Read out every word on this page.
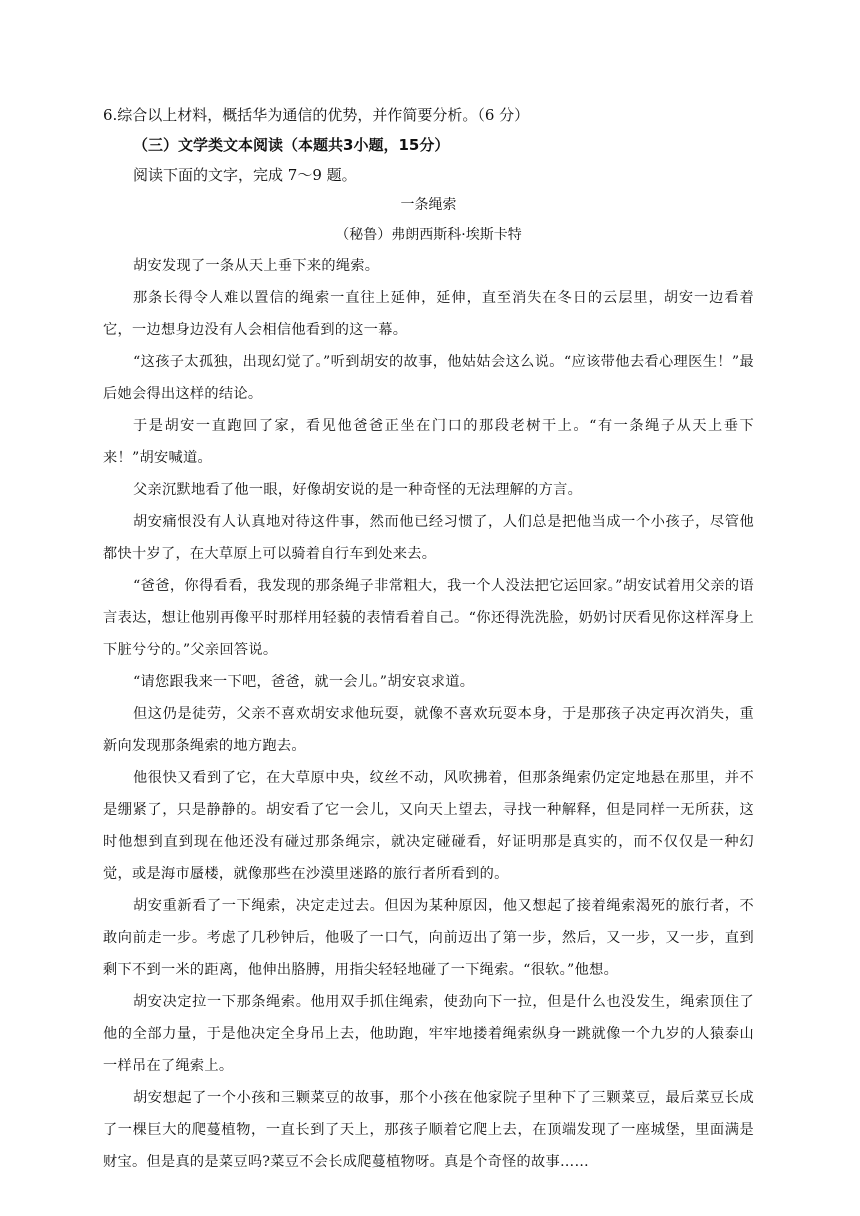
6.综合以上材料，概括华为通信的优势，并作简要分析。（6 分）

（三）文学类文本阅读（本题共3小题，15分）

阅读下面的文字，完成 7～9 题。

一条绳索

（秘鲁）弗朗西斯科·埃斯卡特

胡安发现了一条从天上垂下来的绳索。

那条长得令人难以置信的绳索一直往上延伸，延伸，直至消失在冬日的云层里，胡安一边看着它，一边想身边没有人会相信他看到的这一幕。

“这孩子太孤独，出现幻觉了。”听到胡安的故事，他姑姑会这么说。“应该带他去看心理医生！”最后她会得出这样的结论。

于是胡安一直跑回了家，看见他爸爸正坐在门口的那段老树干上。“有一条绳子从天上垂下来！”胡安喊道。

父亲沉默地看了他一眼，好像胡安说的是一种奇怪的无法理解的方言。

胡安痛恨没有人认真地对待这件事，然而他已经习惯了，人们总是把他当成一个小孩子，尽管他都快十岁了，在大草原上可以骑着自行车到处来去。

“爸爸，你得看看，我发现的那条绳子非常粗大，我一个人没法把它运回家。”胡安试着用父亲的语言表达，想让他别再像平时那样用轻藐的表情看着自己。“你还得洗洗脸，奶奶讨厌看见你这样浑身上下脏兮兮的。”父亲回答说。

“请您跟我来一下吧，爸爸，就一会儿。”胡安哀求道。

但这仍是徒劳，父亲不喜欢胡安求他玩耍，就像不喜欢玩耍本身，于是那孩子决定再次消失，重新向发现那条绳索的地方跑去。

他很快又看到了它，在大草原中央，纹丝不动，风吹拂着，但那条绳索仍定定地悬在那里，并不是绷紧了，只是静静的。胡安看了它一会儿，又向天上望去，寻找一种解释，但是同样一无所获，这时他想到直到现在他还没有碰过那条绳宗，就决定碰碰看，好证明那是真实的，而不仅仅是一种幻觉，或是海市蜃楼，就像那些在沙漠里迷路的旅行者所看到的。

胡安重新看了一下绳索，决定走过去。但因为某种原因，他又想起了接着绳索渴死的旅行者，不敢向前走一步。考虑了几秒钟后，他吸了一口气，向前迈出了第一步，然后，又一步，又一步，直到剩下不到一米的距离，他伸出胳膊，用指尖轻轻地碰了一下绳索。“很软。”他想。

胡安决定拉一下那条绳索。他用双手抓住绳索，使劲向下一拉，但是什么也没发生，绳索顶住了他的全部力量，于是他决定全身吊上去，他助跑，牢牢地搂着绳索纵身一跳就像一个九岁的人猿泰山一样吊在了绳索上。

胡安想起了一个小孩和三颗菜豆的故事，那个小孩在他家院子里种下了三颗菜豆，最后菜豆长成了一棵巨大的爬蔓植物，一直长到了天上，那孩子顺着它爬上去，在顶端发现了一座城堡，里面满是财宝。但是真的是菜豆吗?菜豆不会长成爬蔓植物呀。真是个奇怪的故事……
